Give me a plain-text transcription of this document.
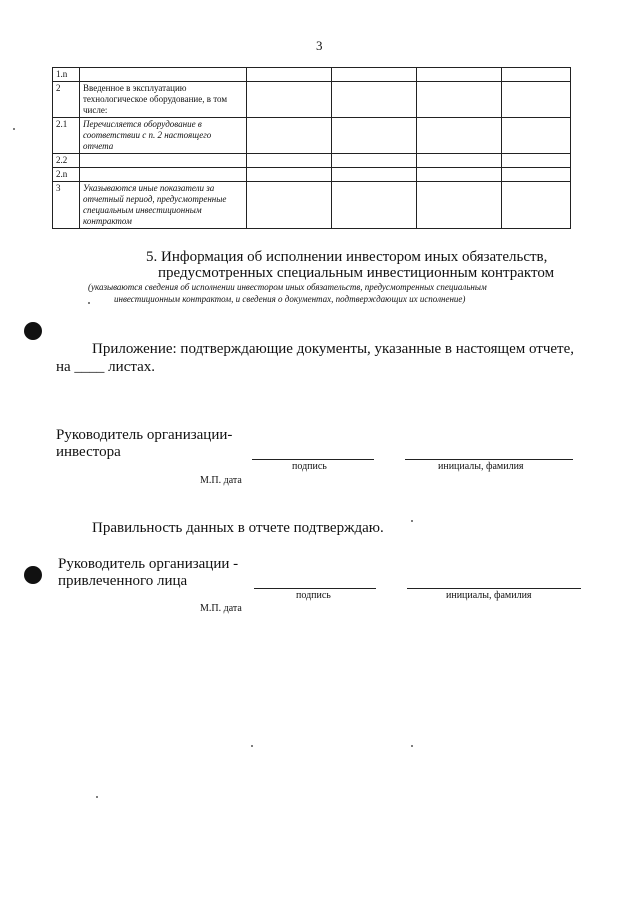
3
1.n					
2	Введенное в эксплуатацию технологическое оборудование, в том числе:				
2.1	Перечисляется оборудование в соответствии с п. 2 настоящего отчета				
2.2					
2.n					
3	Указываются иные показатели за отчетный период, предусмотренные специальным инвестиционным контрактом				
5. Информация об исполнении инвестором иных обязательств,
предусмотренных специальным инвестиционным контрактом
(указываются сведения об исполнении инвестором иных обязательств, предусмотренных специальным
инвестиционным контрактом, и сведения о документах, подтверждающих их исполнение)
Приложение: подтверждающие документы, указанные в настоящем отчете,
на ____ листах.
Руководитель организации-
инвестора
подпись	инициалы, фамилия
М.П. дата
Правильность данных в отчете подтверждаю.
Руководитель организации -
привлеченного лица
подпись	инициалы, фамилия
М.П. дата
